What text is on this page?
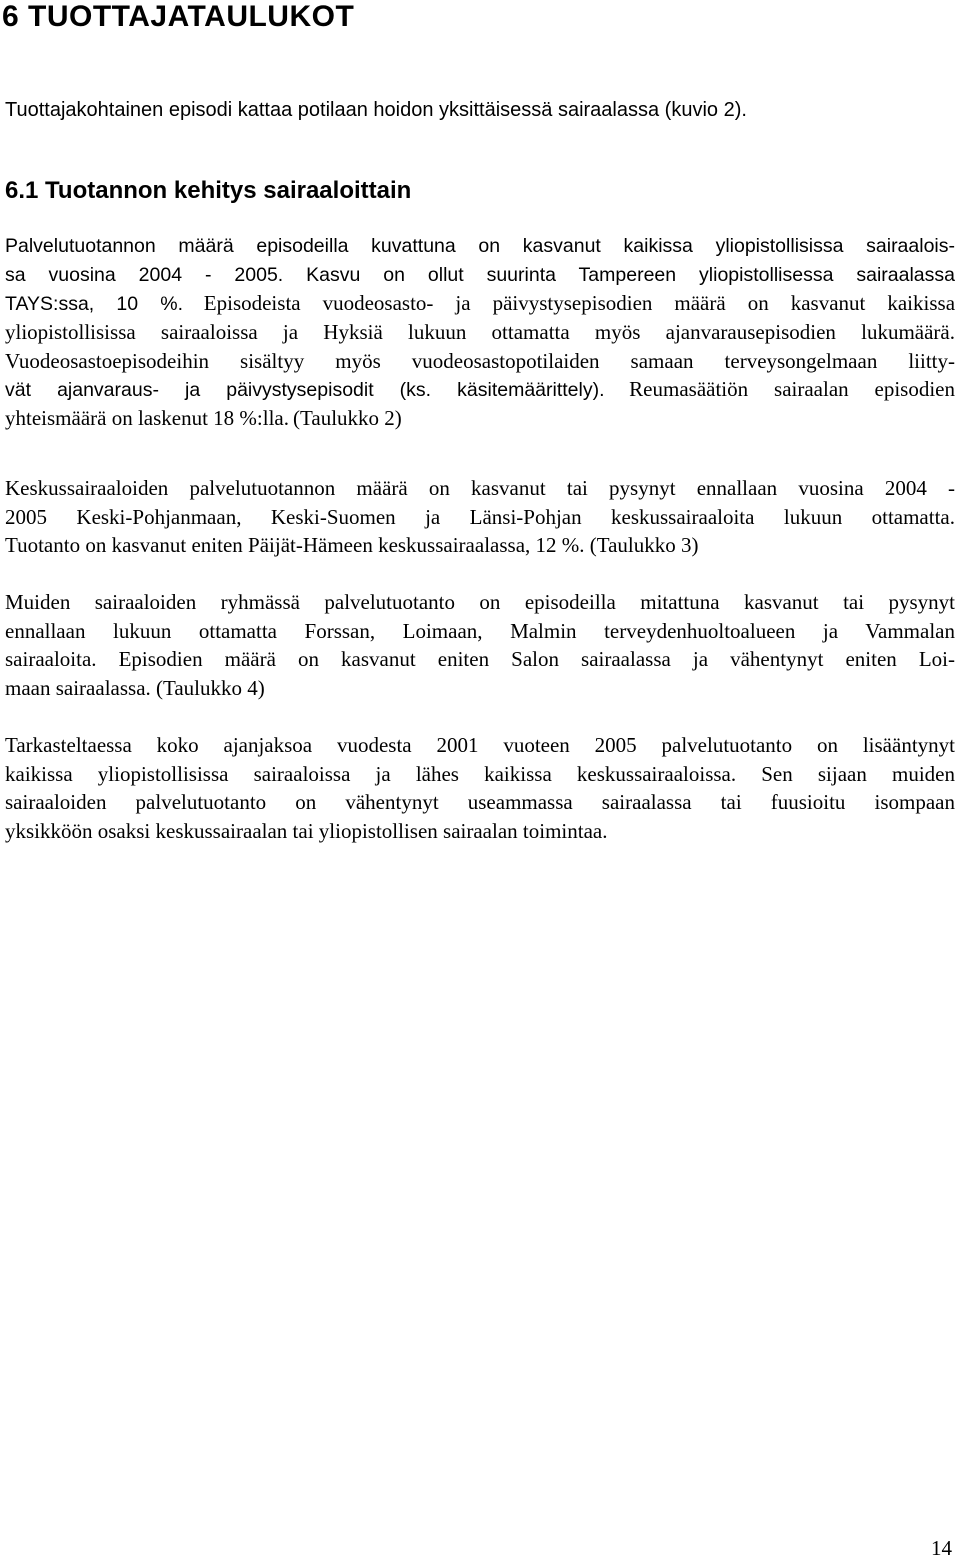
6 TUOTTAJATAULUKOT

Tuottajakohtainen episodi kattaa potilaan hoidon yksittäisessä sairaalassa (kuvio 2).

6.1 Tuotannon kehitys sairaaloittain
Palvelutuotannon määrä episodeilla kuvattuna on kasvanut kaikissa yliopistollisissa sairaalois-
sa vuosina 2004 - 2005. Kasvu on ollut suurinta Tampereen yliopistollisessa sairaalassa
TAYS:ssa, 10 %. Episodeista vuodeosasto- ja päivystysepisodien määrä on kasvanut kaikissa
yliopistollisissa sairaaloissa ja Hyksiä lukuun ottamatta myös ajanvarausepisodien lukumäärä.
Vuodeosastoepisodeihin sisältyy myös vuodeosastopotilaiden samaan terveysongelmaan liitty-
vät ajanvaraus- ja päivystysepisodit (ks. käsitemäärittely). Reumasäätiön sairaalan episodien
yhteismäärä on laskenut 18 %:lla. (Taulukko 2)
Keskussairaaloiden palvelutuotannon määrä on kasvanut tai pysynyt ennallaan vuosina 2004 -
2005 Keski-Pohjanmaan, Keski-Suomen ja Länsi-Pohjan keskussairaaloita lukuun ottamatta.
Tuotanto on kasvanut eniten Päijät-Hämeen keskussairaalassa, 12 %. (Taulukko 3)
Muiden sairaaloiden ryhmässä palvelutuotanto on episodeilla mitattuna kasvanut tai pysynyt
ennallaan lukuun ottamatta Forssan, Loimaan, Malmin terveydenhuoltoalueen ja Vammalan
sairaaloita. Episodien määrä on kasvanut eniten Salon sairaalassa ja vähentynyt eniten Loi-
maan sairaalassa. (Taulukko 4)
Tarkasteltaessa koko ajanjaksoa vuodesta 2001 vuoteen 2005 palvelutuotanto on lisääntynyt
kaikissa yliopistollisissa sairaaloissa ja lähes kaikissa keskussairaaloissa. Sen sijaan muiden
sairaaloiden palvelutuotanto on vähentynyt useammassa sairaalassa tai fuusioitu isompaan
yksikköön osaksi keskussairaalan tai yliopistollisen sairaalan toimintaa.
14
